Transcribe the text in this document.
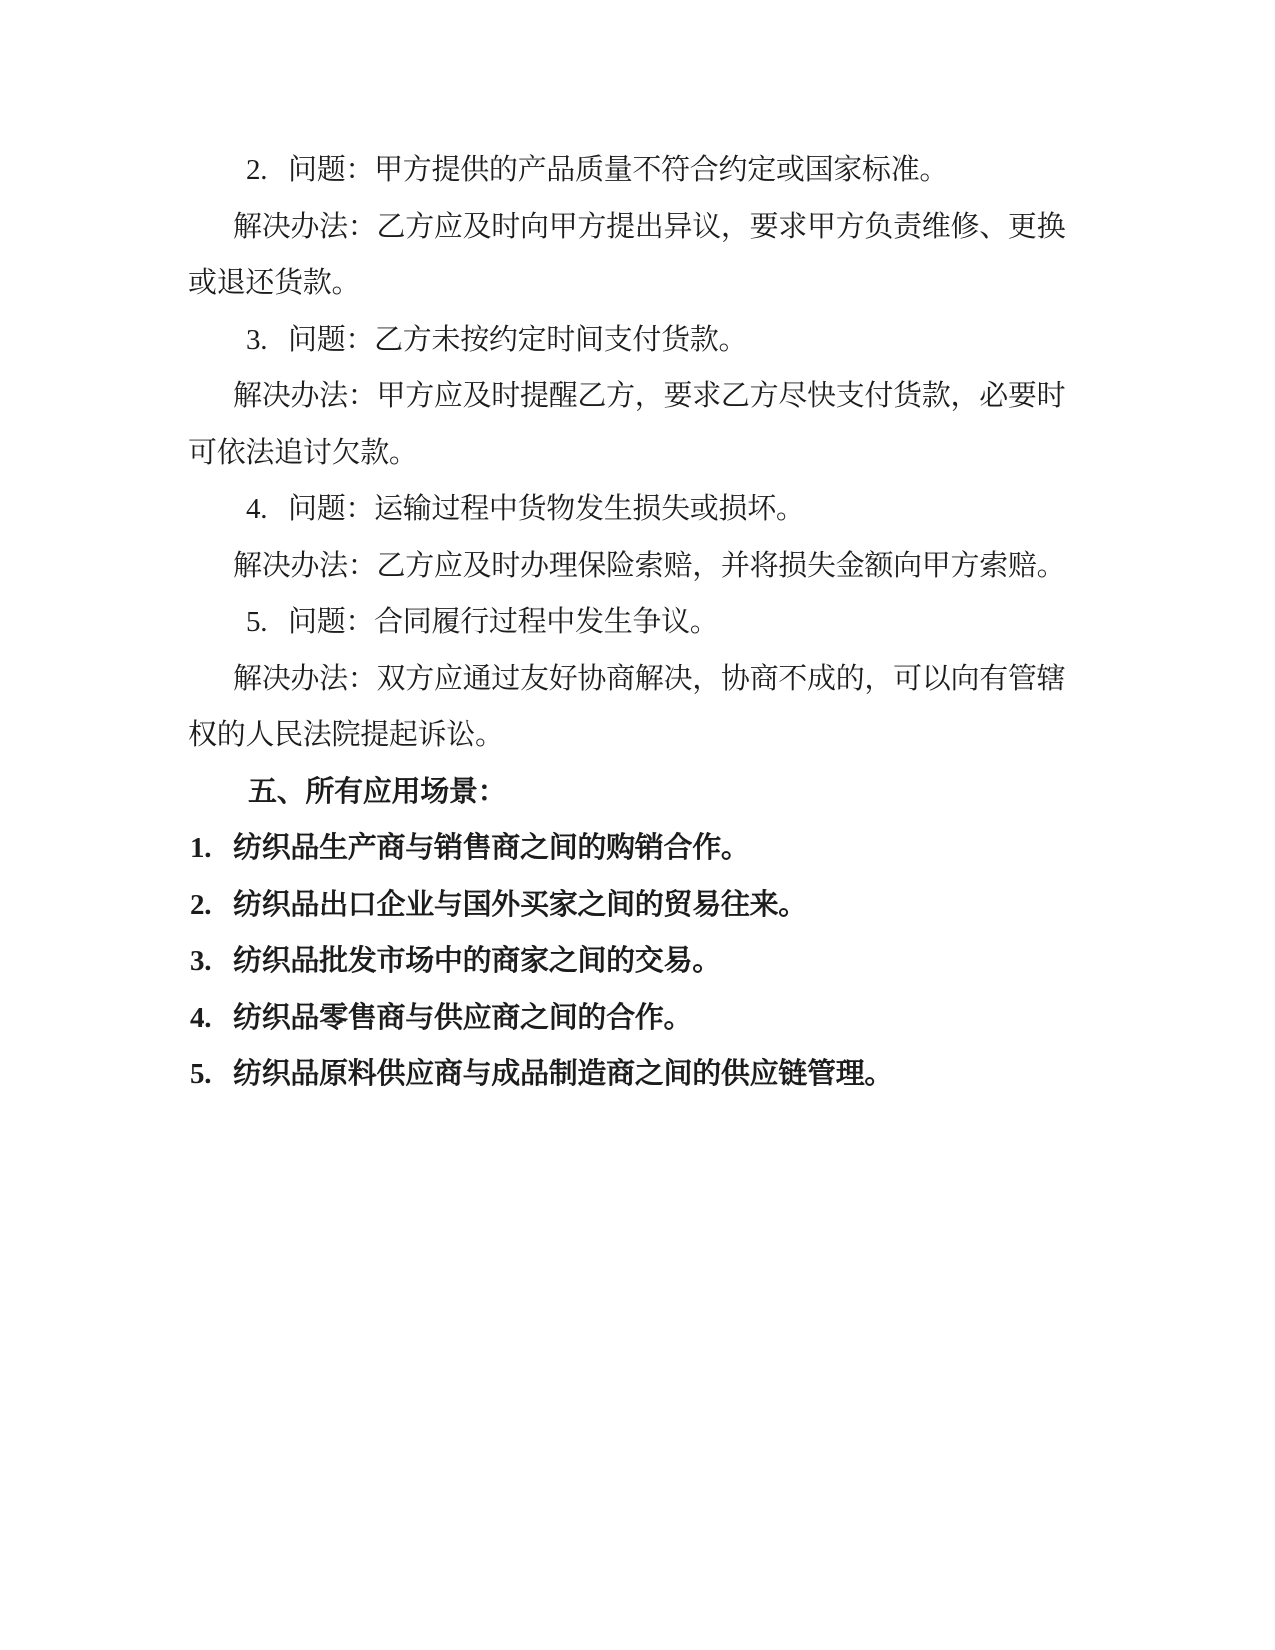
2. 问题：甲方提供的产品质量不符合约定或国家标准。
解决办法：乙方应及时向甲方提出异议，要求甲方负责维修、更换
或退还货款。
3. 问题：乙方未按约定时间支付货款。
解决办法：甲方应及时提醒乙方，要求乙方尽快支付货款，必要时
可依法追讨欠款。
4. 问题：运输过程中货物发生损失或损坏。
解决办法：乙方应及时办理保险索赔，并将损失金额向甲方索赔。
5. 问题：合同履行过程中发生争议。
解决办法：双方应通过友好协商解决，协商不成的，可以向有管辖
权的人民法院提起诉讼。
五、所有应用场景：
1. 纺织品生产商与销售商之间的购销合作。
2. 纺织品出口企业与国外买家之间的贸易往来。
3. 纺织品批发市场中的商家之间的交易。
4. 纺织品零售商与供应商之间的合作。
5. 纺织品原料供应商与成品制造商之间的供应链管理。
